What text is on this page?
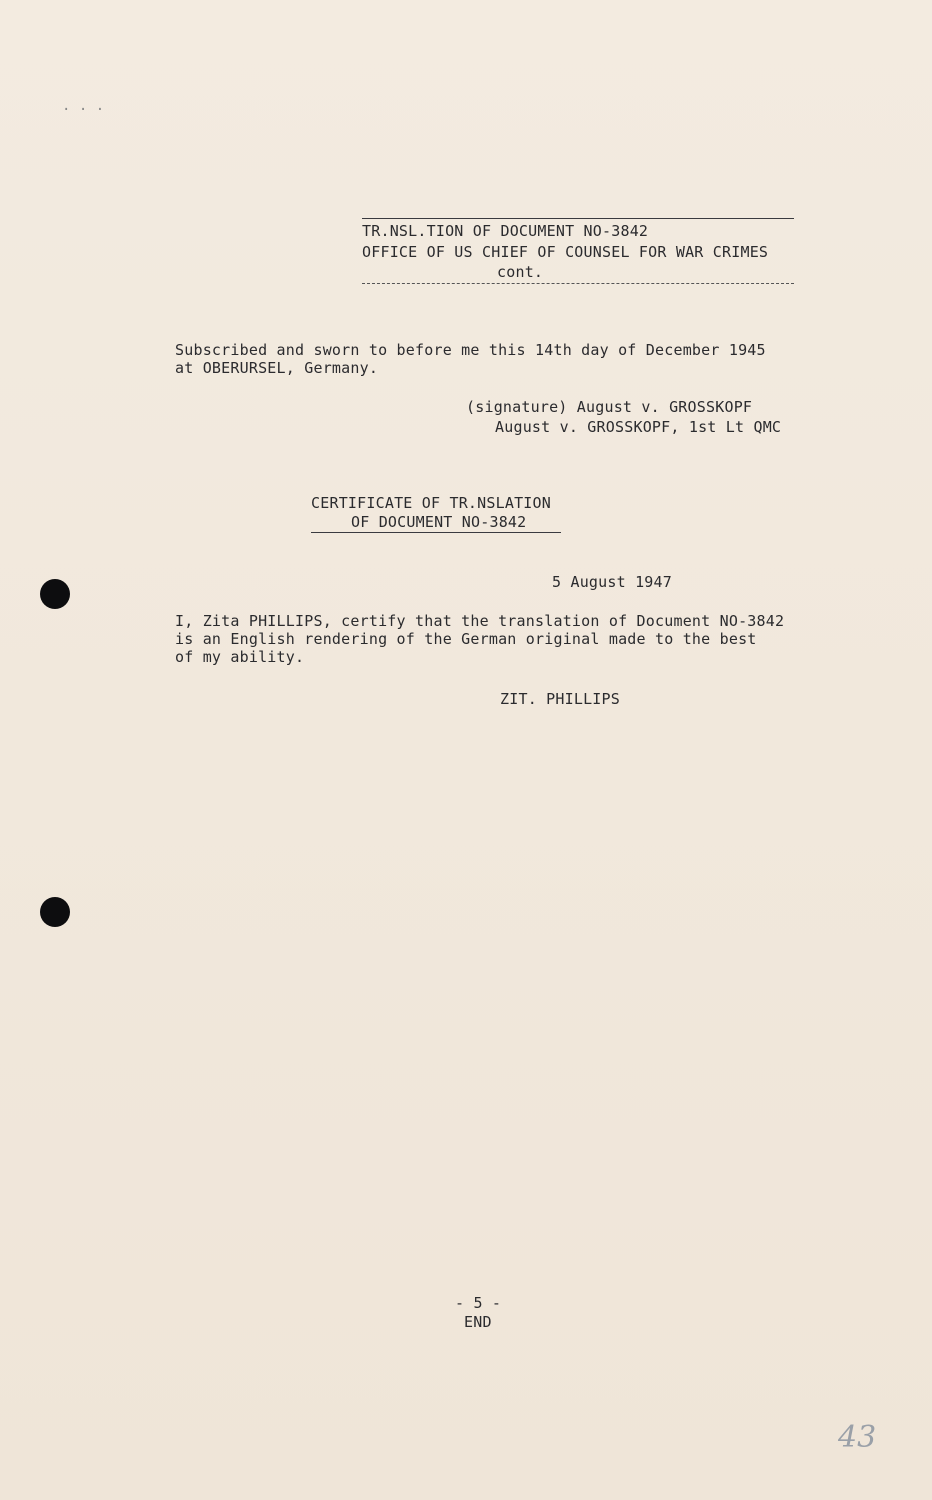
· · ·
TR.NSL.TION OF DOCUMENT NO-3842
OFFICE OF US CHIEF OF COUNSEL FOR WAR CRIMES
cont.
Subscribed and sworn to before me this 14th day of December 1945
at OBERURSEL, Germany.
(signature) August v. GROSSKOPF
August v. GROSSKOPF, 1st Lt QMC
CERTIFICATE OF TR.NSLATION
OF DOCUMENT NO-3842
5 August 1947
I, Zita PHILLIPS, certify that the translation of Document NO-3842
is an English rendering of the German original made to the best
of my ability.
ZIT. PHILLIPS
- 5 -
END
43
